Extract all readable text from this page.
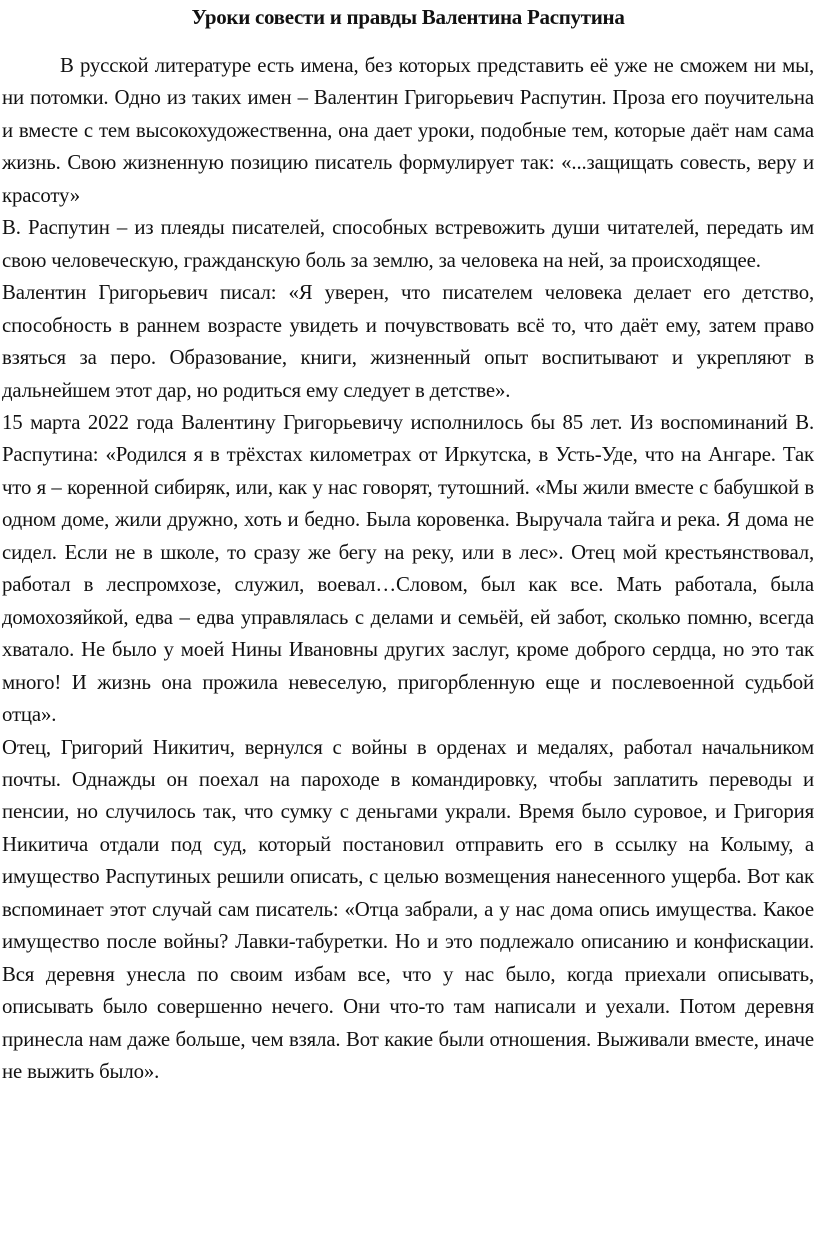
Уроки совести и правды Валентина Распутина

В русской литературе есть имена, без которых представить её уже не сможем ни мы, ни потомки. Одно из таких имен – Валентин Григорьевич Распутин. Проза его поучительна и вместе с тем высокохудожественна, она дает уроки, подобные тем, которые даёт нам сама жизнь. Свою жизненную позицию писатель формулирует так: «...защищать совесть, веру и красоту»

В. Распутин – из плеяды писателей, способных встревожить души читателей, передать им свою человеческую, гражданскую боль за землю, за человека на ней, за происходящее.

Валентин Григорьевич писал: «Я уверен, что писателем человека делает его детство, способность в раннем возрасте увидеть и почувствовать всё то, что даёт ему, затем право взяться за перо. Образование, книги, жизненный опыт воспитывают и укрепляют в дальнейшем этот дар, но родиться ему следует в детстве».

15 марта 2022 года Валентину Григорьевичу исполнилось бы 85 лет. Из воспоминаний В. Распутина: «Родился я в трёхстах километрах от Иркутска, в Усть-Уде, что на Ангаре. Так что я – коренной сибиряк, или, как у нас говорят, тутошний. «Мы жили вместе с бабушкой в одном доме, жили дружно, хоть и бедно. Была коровенка. Выручала тайга и река. Я дома не сидел. Если не в школе, то сразу же бегу на реку, или в лес». Отец мой крестьянствовал, работал в леспромхозе, служил, воевал…Словом, был как все. Мать работала, была домохозяйкой, едва – едва управлялась с делами и семьёй, ей забот, сколько помню, всегда хватало. Не было у моей Нины Ивановны других заслуг, кроме доброго сердца, но это так много! И жизнь она прожила невеселую, пригорбленную еще и послевоенной судьбой отца».

Отец, Григорий Никитич, вернулся с войны в орденах и медалях, работал начальником почты. Однажды он поехал на пароходе в командировку, чтобы заплатить переводы и пенсии, но случилось так, что сумку с деньгами украли. Время было суровое, и Григория Никитича отдали под суд, который постановил отправить его в ссылку на Колыму, а имущество Распутиных решили описать, с целью возмещения нанесенного ущерба. Вот как вспоминает этот случай сам писатель: «Отца забрали, а у нас дома опись имущества. Какое имущество после войны? Лавки-табуретки. Но и это подлежало описанию и конфискации. Вся деревня унесла по своим избам все, что у нас было, когда приехали описывать, описывать было совершенно нечего. Они что-то там написали и уехали. Потом деревня принесла нам даже больше, чем взяла. Вот какие были отношения. Выживали вместе, иначе не выжить было».
